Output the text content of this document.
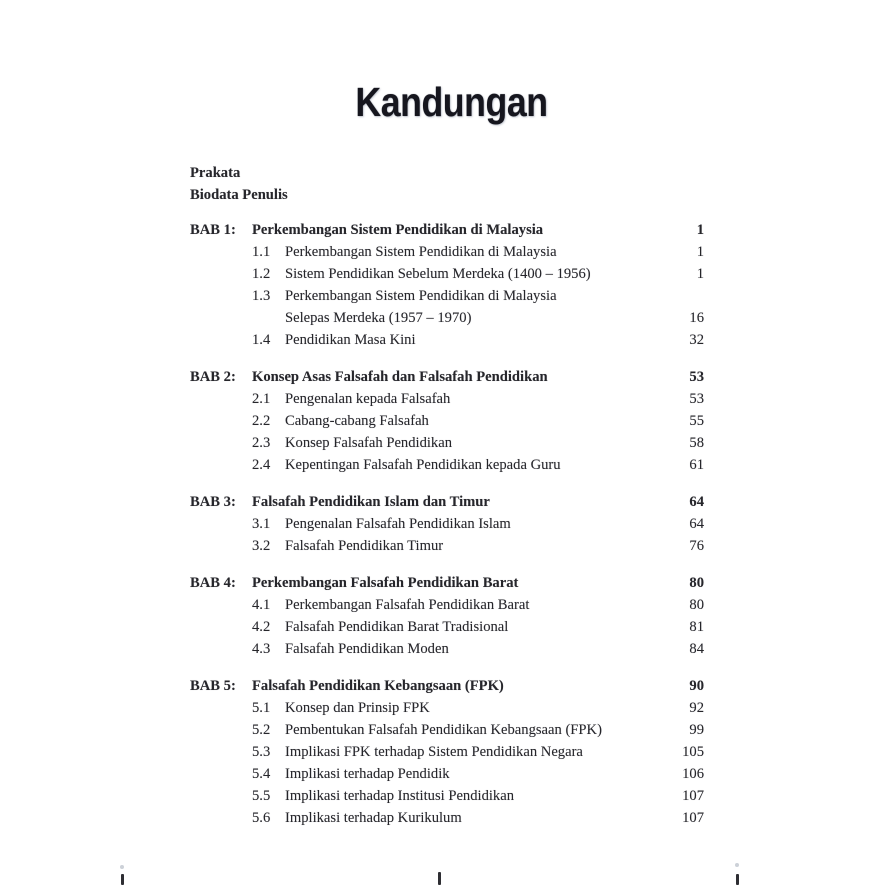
Kandungan
Prakata
Biodata Penulis
BAB 1:	Perkembangan Sistem Pendidikan di Malaysia	1
1.1	Perkembangan Sistem Pendidikan di Malaysia	1
1.2	Sistem Pendidikan Sebelum Merdeka (1400 – 1956)	1
1.3	Perkembangan Sistem Pendidikan di Malaysia
Selepas Merdeka (1957 – 1970)	16
1.4	Pendidikan Masa Kini	32
BAB 2:	Konsep Asas Falsafah dan Falsafah Pendidikan	53
2.1	Pengenalan kepada Falsafah	53
2.2	Cabang-cabang Falsafah	55
2.3	Konsep Falsafah Pendidikan	58
2.4	Kepentingan Falsafah Pendidikan kepada Guru	61
BAB 3:	Falsafah Pendidikan Islam dan Timur	64
3.1	Pengenalan Falsafah Pendidikan Islam	64
3.2	Falsafah Pendidikan Timur	76
BAB 4:	Perkembangan Falsafah Pendidikan Barat	80
4.1	Perkembangan Falsafah Pendidikan Barat	80
4.2	Falsafah Pendidikan Barat Tradisional	81
4.3	Falsafah Pendidikan Moden	84
BAB 5:	Falsafah Pendidikan Kebangsaan (FPK)	90
5.1	Konsep dan Prinsip FPK	92
5.2	Pembentukan Falsafah Pendidikan Kebangsaan (FPK)	99
5.3	Implikasi FPK terhadap Sistem Pendidikan Negara	105
5.4	Implikasi terhadap Pendidik	106
5.5	Implikasi terhadap Institusi Pendidikan	107
5.6	Implikasi terhadap Kurikulum	107
